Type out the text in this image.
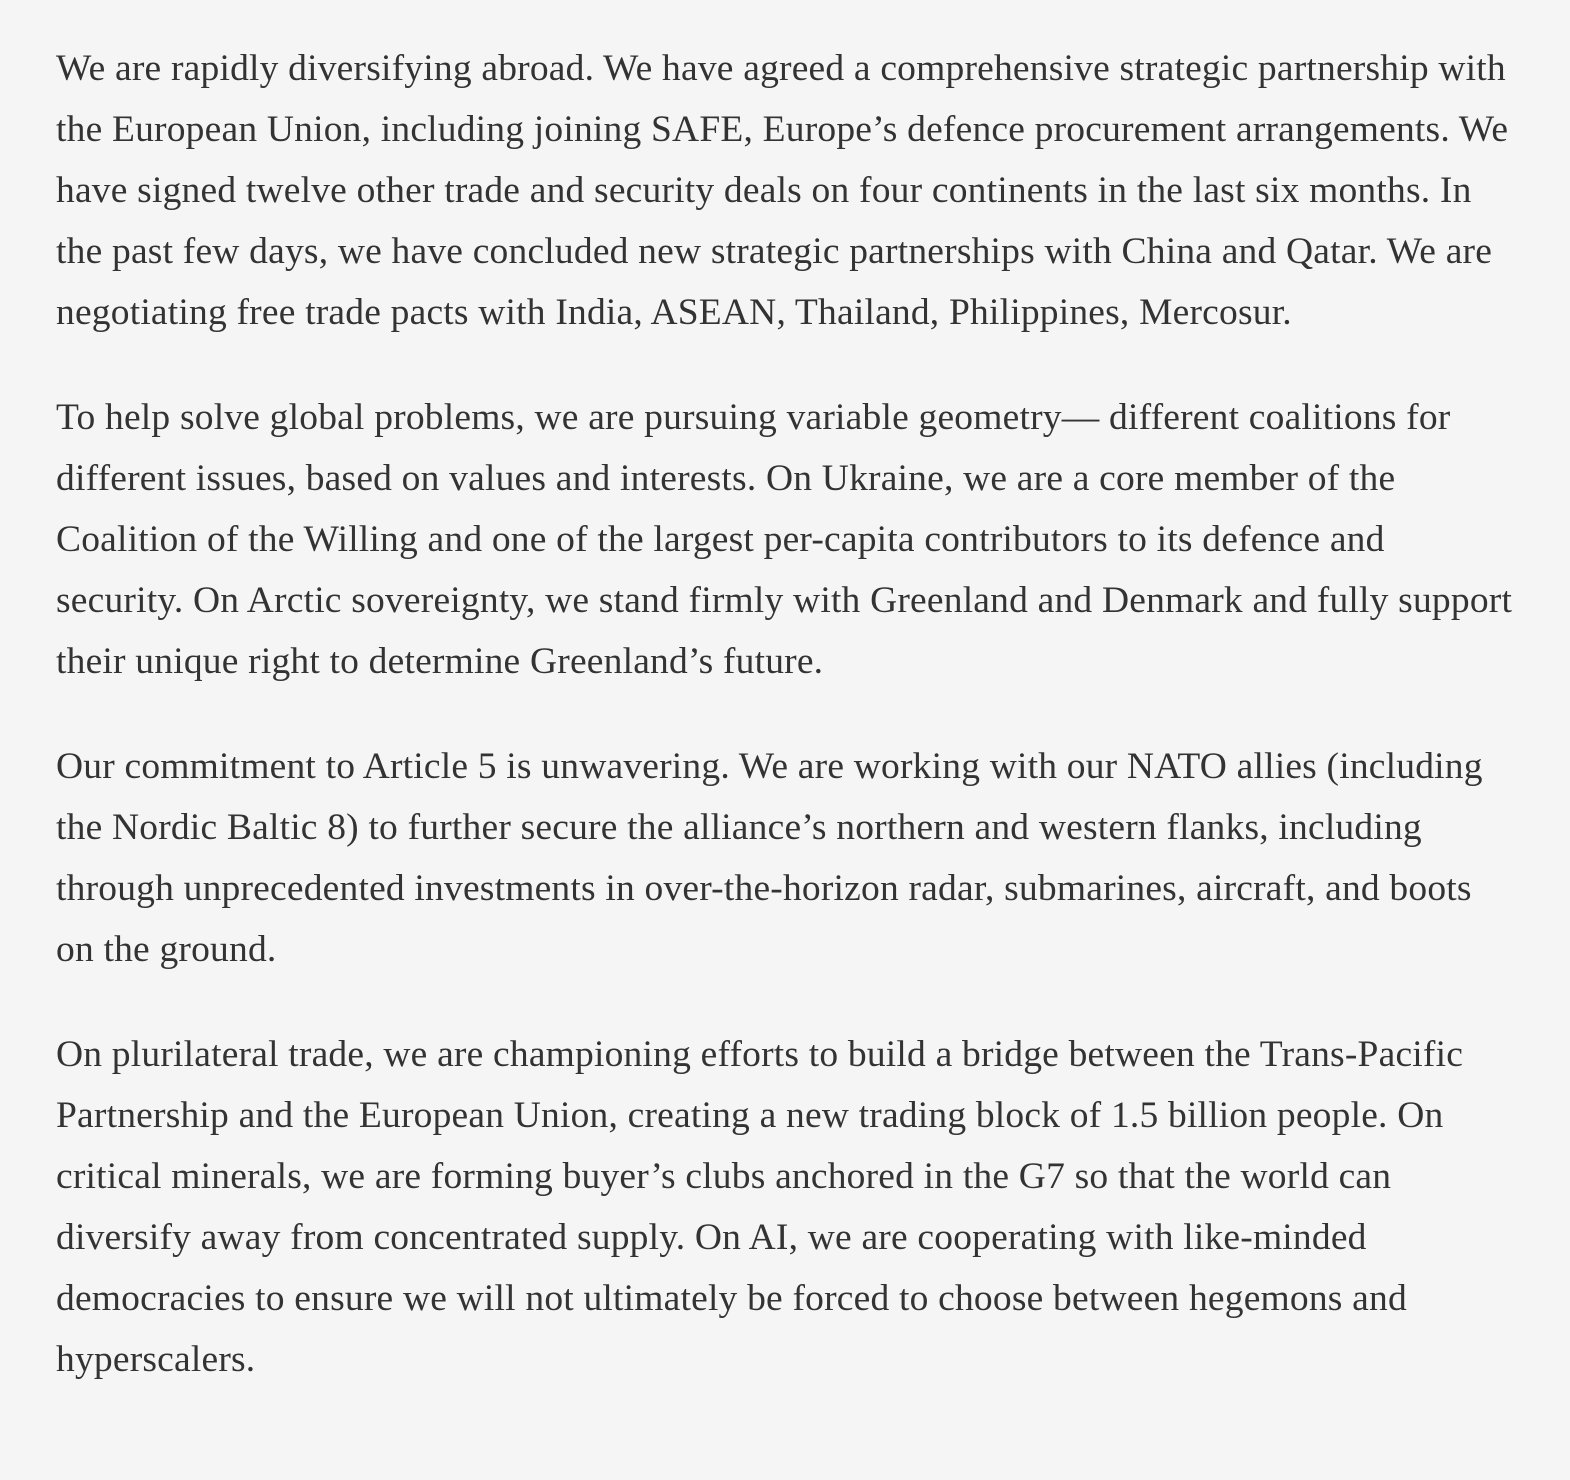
We are rapidly diversifying abroad. We have agreed a comprehensive strategic partnership with the European Union, including joining SAFE, Europe’s defence procurement arrangements. We have signed twelve other trade and security deals on four continents in the last six months. In the past few days, we have concluded new strategic partnerships with China and Qatar. We are negotiating free trade pacts with India, ASEAN, Thailand, Philippines, Mercosur.

To help solve global problems, we are pursuing variable geometry— different coalitions for different issues, based on values and interests. On Ukraine, we are a core member of the Coalition of the Willing and one of the largest per-capita contributors to its defence and security. On Arctic sovereignty, we stand firmly with Greenland and Denmark and fully support their unique right to determine Greenland’s future.

Our commitment to Article 5 is unwavering. We are working with our NATO allies (including the Nordic Baltic 8) to further secure the alliance’s northern and western flanks, including through unprecedented investments in over-the-horizon radar, submarines, aircraft, and boots on the ground.

On plurilateral trade, we are championing efforts to build a bridge between the Trans-Pacific Partnership and the European Union, creating a new trading block of 1.5 billion people. On critical minerals, we are forming buyer’s clubs anchored in the G7 so that the world can diversify away from concentrated supply. On AI, we are cooperating with like-minded democracies to ensure we will not ultimately be forced to choose between hegemons and hyperscalers.
